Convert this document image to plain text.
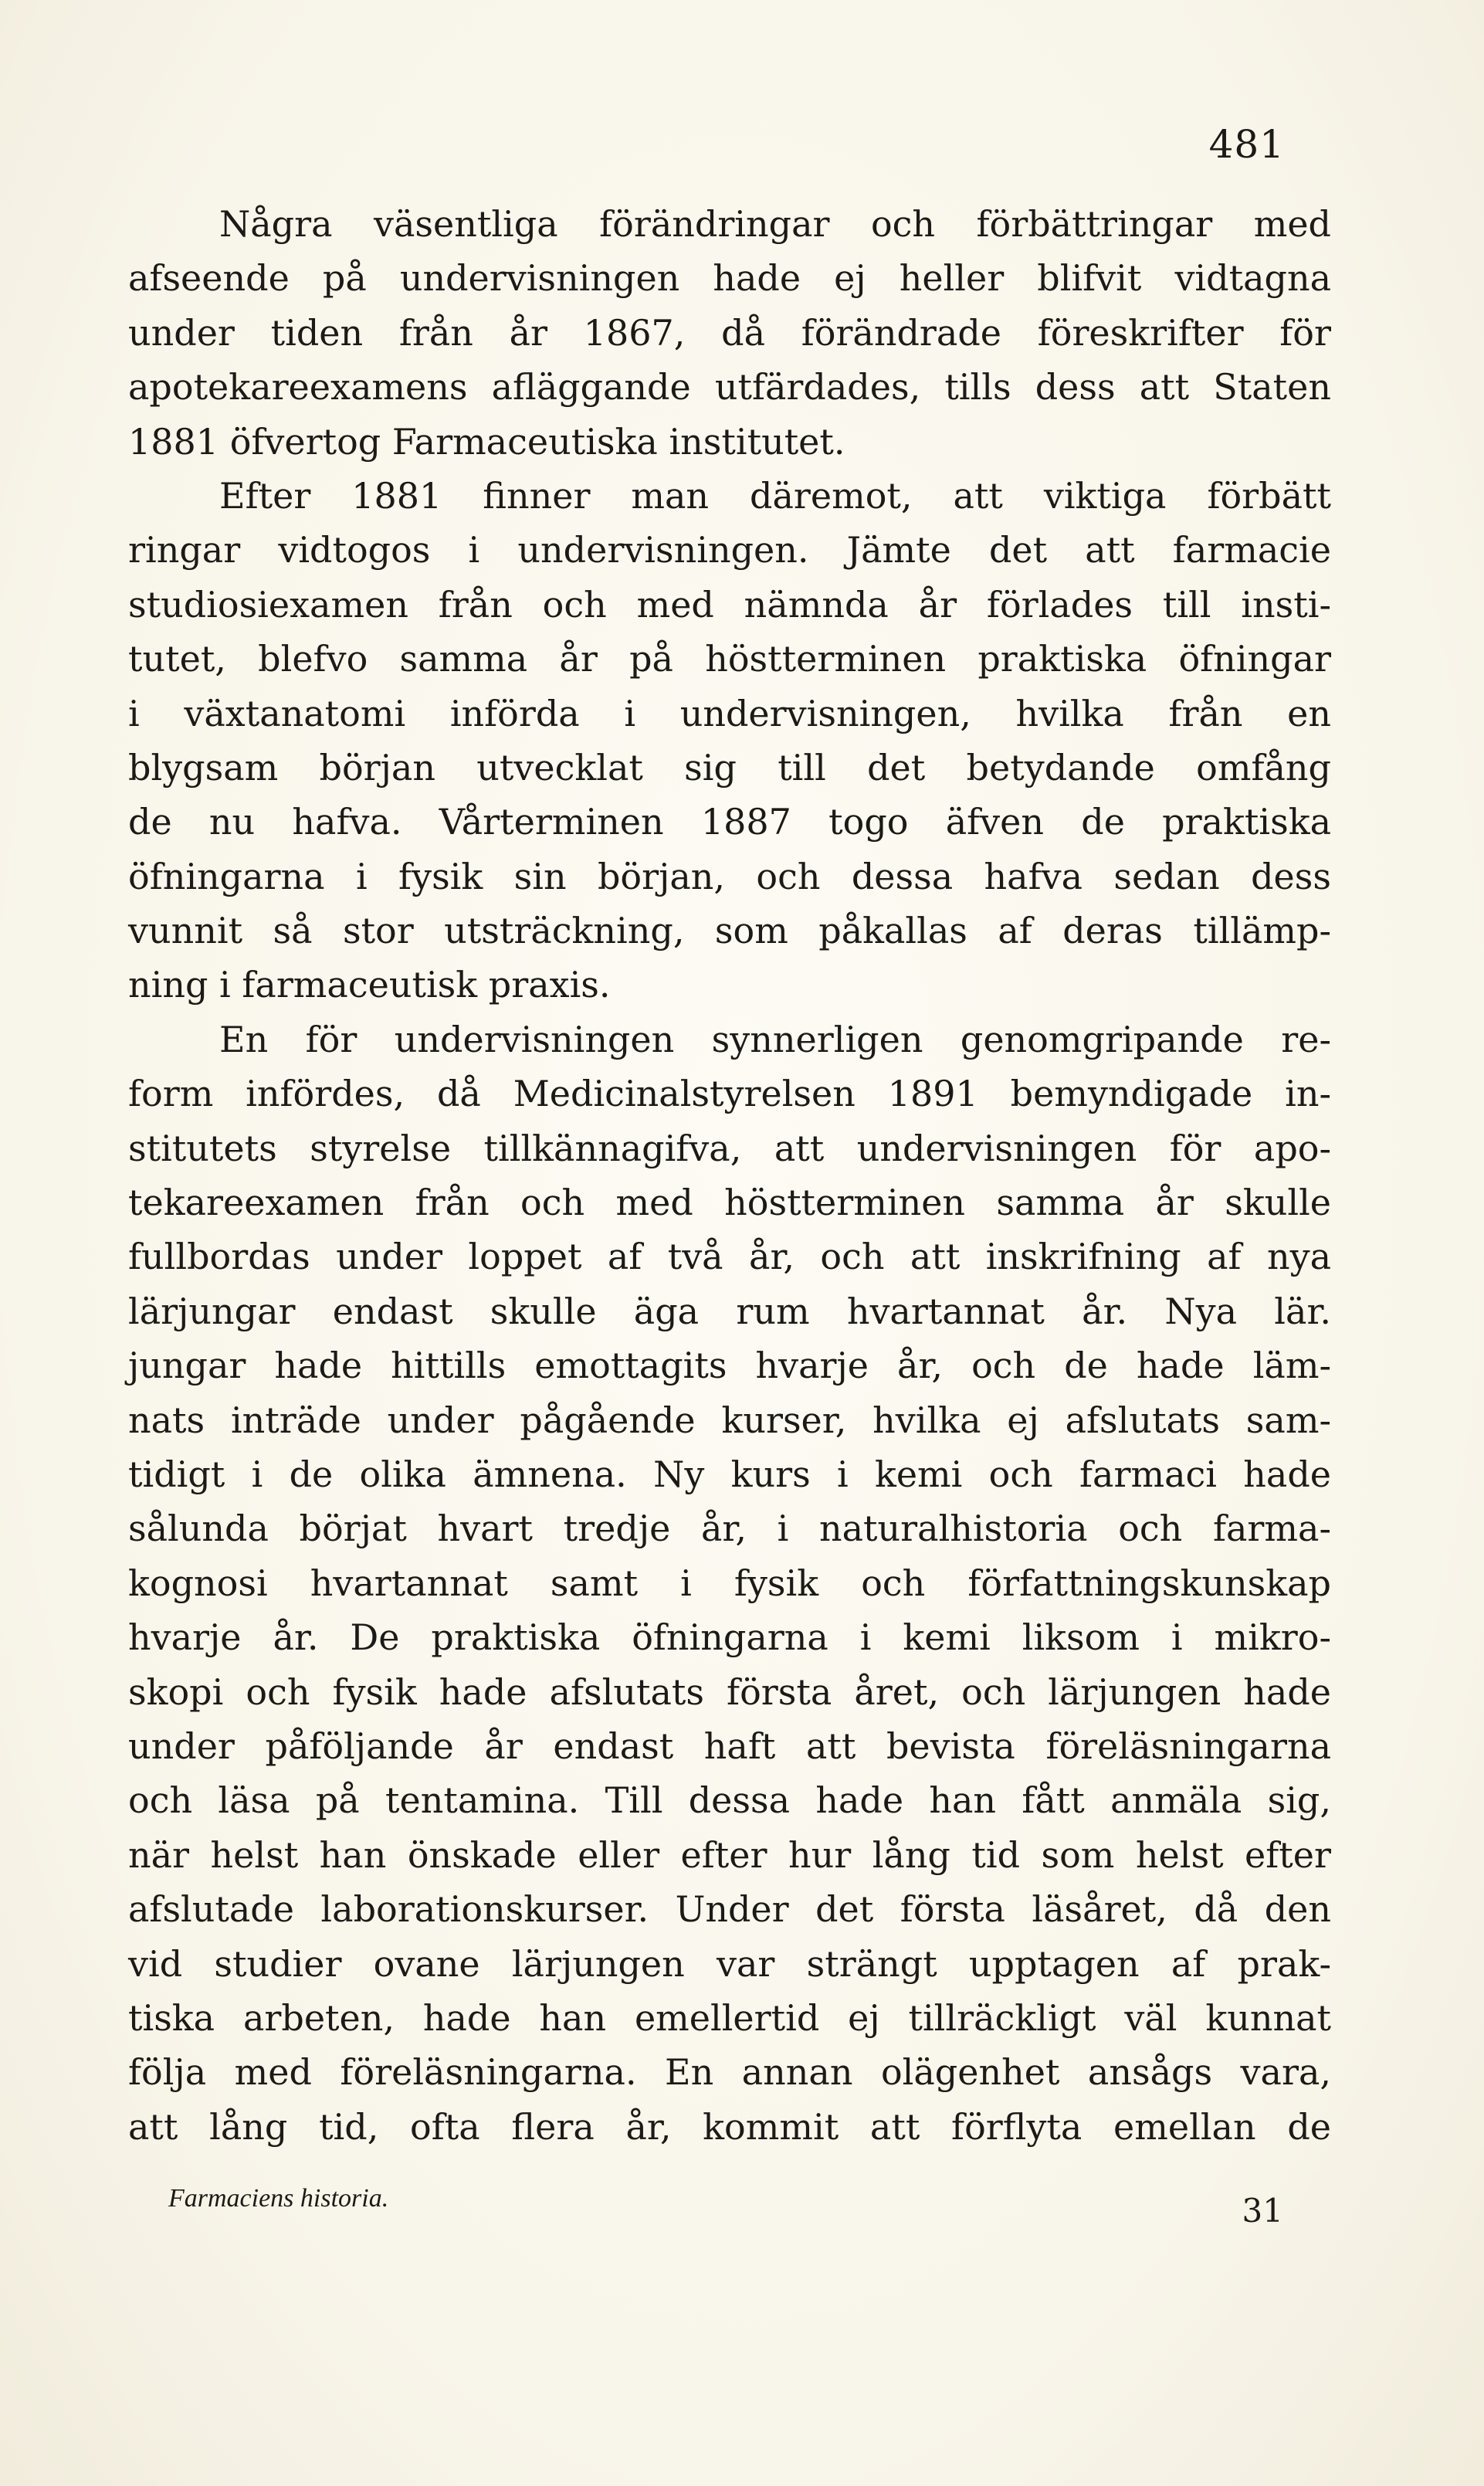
481
Några väsentliga förändringar och förbättringar med
afseende på undervisningen hade ej heller blifvit vidtagna
under tiden från år 1867, då förändrade föreskrifter för
apotekareexamens afläggande utfärdades, tills dess att Staten
1881 öfvertog Farmaceutiska institutet.
Efter 1881 finner man däremot, att viktiga förbätt
ringar vidtogos i undervisningen. Jämte det att farmacie
studiosiexamen från och med nämnda år förlades till insti-
tutet, blefvo samma år på höstterminen praktiska öfningar
i växtanatomi införda i undervisningen, hvilka från en
blygsam början utvecklat sig till det betydande omfång
de nu hafva. Vårterminen 1887 togo äfven de praktiska
öfningarna i fysik sin början, och dessa hafva sedan dess
vunnit så stor utsträckning, som påkallas af deras tillämp-
ning i farmaceutisk praxis.
En för undervisningen synnerligen genomgripande re-
form infördes, då Medicinalstyrelsen 1891 bemyndigade in-
stitutets styrelse tillkännagifva, att undervisningen för apo-
tekareexamen från och med höstterminen samma år skulle
fullbordas under loppet af två år, och att inskrifning af nya
lärjungar endast skulle äga rum hvartannat år. Nya lär.
jungar hade hittills emottagits hvarje år, och de hade läm-
nats inträde under pågående kurser, hvilka ej afslutats sam-
tidigt i de olika ämnena. Ny kurs i kemi och farmaci hade
sålunda börjat hvart tredje år, i naturalhistoria och farma-
kognosi hvartannat samt i fysik och författningskunskap
hvarje år. De praktiska öfningarna i kemi liksom i mikro-
skopi och fysik hade afslutats första året, och lärjungen hade
under påföljande år endast haft att bevista föreläsningarna
och läsa på tentamina. Till dessa hade han fått anmäla sig,
när helst han önskade eller efter hur lång tid som helst efter
afslutade laborationskurser. Under det första läsåret, då den
vid studier ovane lärjungen var strängt upptagen af prak-
tiska arbeten, hade han emellertid ej tillräckligt väl kunnat
följa med föreläsningarna. En annan olägenhet ansågs vara,
att lång tid, ofta flera år, kommit att förflyta emellan de
Farmaciens historia.	31
